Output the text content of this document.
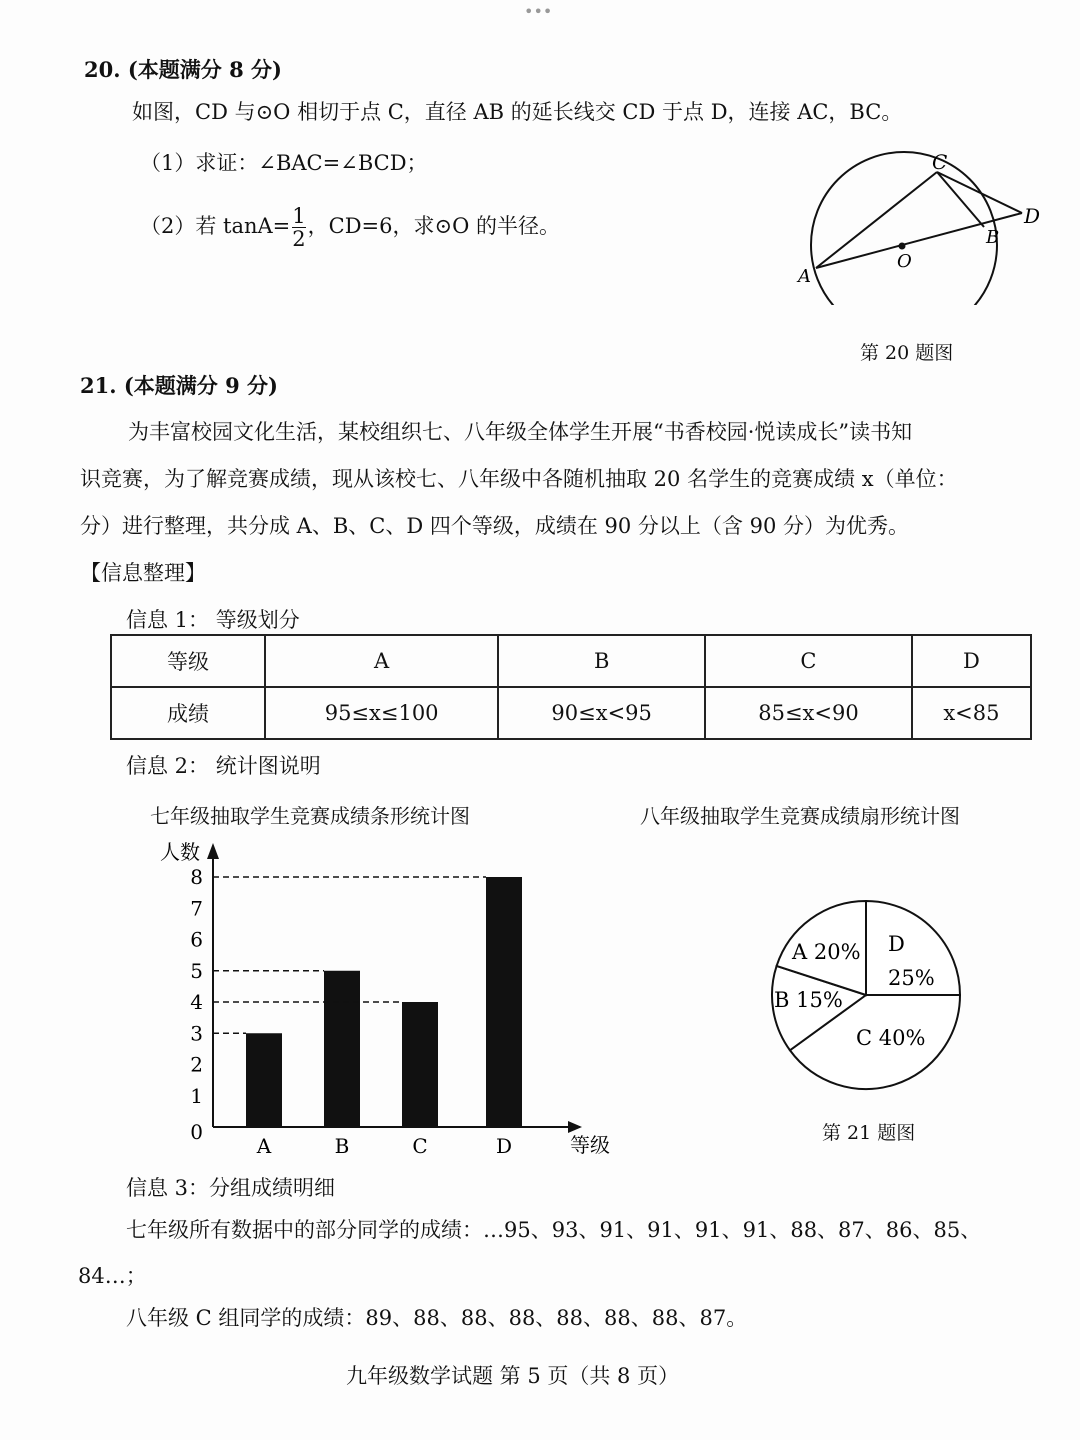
•••
20. (本题满分 8 分)
如图，CD 与⊙O 相切于点 C，直径 AB 的延长线交 CD 于点 D，连接 AC，BC。
（1）求证：∠BAC=∠BCD；
（2）若 $\tan A= \frac{1}{2}$ ，CD=6，求⊙O 的半径。
C
D
B
O
A
第 20 题图
21. (本题满分 9 分)
为丰富校园文化生活，某校组织七、八年级全体学生开展“书香校园·悦读成长”读书知
识竞赛，为了解竞赛成绩，现从该校七、八年级中各随机抽取 20 名学生的竞赛成绩 x（单位：
分）进行整理，共分成 A、B、C、D 四个等级，成绩在 90 分以上（含 90 分）为优秀。
【信息整理】
信息 1： 等级划分
等级	A	B	C	D
成绩	95≤x≤100	90≤x<95	85≤x<90	x<85
信息 2： 统计图说明
七年级抽取学生竞赛成绩条形统计图	八年级抽取学生竞赛成绩扇形统计图
人数
等级
0
1
2
3
4
5
6
7
8
A	B	C	D
D
25%
C 40%
B 15%
A 20%
第 21 题图
信息 3：分组成绩明细
七年级所有数据中的部分同学的成绩：…95、93、91、91、91、91、88、87、86、85、
84…；
八年级 C 组同学的成绩：89、88、88、88、88、88、88、87。
九年级数学试题 第 5 页（共 8 页）
